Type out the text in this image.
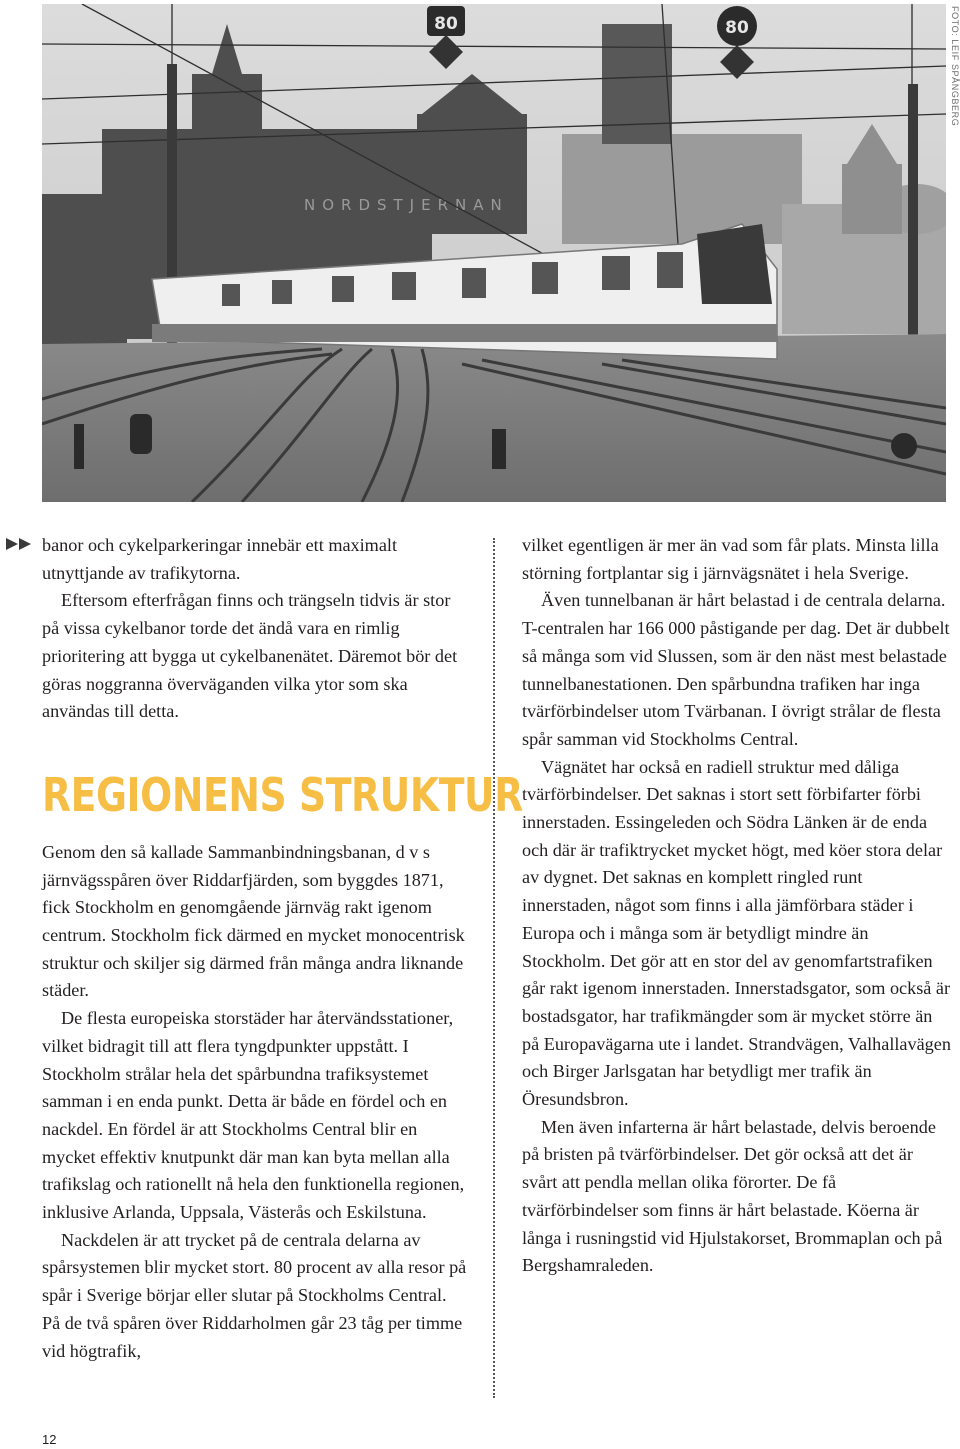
NORDSTJERNAN
80	80	FOTO: LEIF SPÅNGBERG

banor och cykelparkeringar innebär ett maximalt utnyttjande av trafikytorna.

Eftersom efterfrågan finns och trängseln tidvis är stor på vissa cykelbanor torde det ändå vara en rimlig prioritering att bygga ut cykelbanenätet. Däremot bör det göras noggranna överväganden vilka ytor som ska användas till detta.

REGIONENS STRUKTUR

Genom den så kallade Sammanbindningsbanan, d v s järnvägsspåren över Riddarfjärden, som byggdes 1871, fick Stockholm en genomgående järnväg rakt igenom centrum. Stockholm fick därmed en mycket monocentrisk struktur och skiljer sig därmed från många andra liknande städer.

De flesta europeiska storstäder har återvändsstationer, vilket bidragit till att flera tyngdpunkter uppstått. I Stockholm strålar hela det spårbundna trafiksystemet samman i en enda punkt. Detta är både en fördel och en nackdel. En fördel är att Stockholms Central blir en mycket effektiv knutpunkt där man kan byta mellan alla trafikslag och rationellt nå hela den funktionella regionen, inklusive Arlanda, Uppsala, Västerås och Eskilstuna.

Nackdelen är att trycket på de centrala delarna av spårsystemen blir mycket stort. 80 procent av alla resor på spår i Sverige börjar eller slutar på Stockholms Central. På de två spåren över Riddarholmen går 23 tåg per timme vid högtrafik,

vilket egentligen är mer än vad som får plats. Minsta lilla störning fortplantar sig i järnvägsnätet i hela Sverige.

Även tunnelbanan är hårt belastad i de centrala delarna. T-centralen har 166 000 påstigande per dag. Det är dubbelt så många som vid Slussen, som är den näst mest belastade tunnelbanestationen. Den spårbundna trafiken har inga tvärförbindelser utom Tvärbanan. I övrigt strålar de flesta spår samman vid Stockholms Central.

Vägnätet har också en radiell struktur med dåliga tvärförbindelser. Det saknas i stort sett förbifarter förbi innerstaden. Essingeleden och Södra Länken är de enda och där är trafiktrycket mycket högt, med köer stora delar av dygnet. Det saknas en komplett ringled runt innerstaden, något som finns i alla jämförbara städer i Europa och i många som är betydligt mindre än Stockholm. Det gör att en stor del av genomfartstrafiken går rakt igenom innerstaden. Innerstadsgator, som också är bostadsgator, har trafikmängder som är mycket större än på Europavägarna ute i landet. Strandvägen, Valhallavägen och Birger Jarlsgatan har betydligt mer trafik än Öresundsbron.

Men även infarterna är hårt belastade, delvis beroende på bristen på tvärförbindelser. Det gör också att det är svårt att pendla mellan olika förorter. De få tvärförbindelser som finns är hårt belastade. Köerna är långa i rusningstid vid Hjulstakorset, Brommaplan och på Bergshamraleden.

12
